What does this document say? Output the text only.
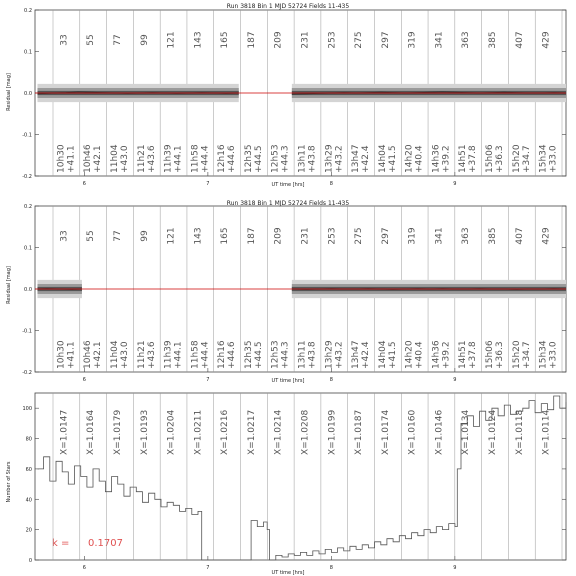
Run 3818 Bin 1 MJD 52724 Fields 11-435
Residual [mag]
UT time [hrs]
0.2
0.1
0.0
-0.1
-0.2
6	7	8	9
33
10h30 +41.1
55
10h46 +42.1
77
11h04 +43.0
99
11h21 +43.6
121
11h39 +44.1
143
11h58 +44.4
165
12h16 +44.6
187
12h35 +44.5
209
12h53 +44.3
231
13h11 +43.8
253
13h29 +43.2
275
13h47 +42.4
297
14h04 +41.5
319
14h20 +40.4
341
14h36 +39.2
363
14h51 +37.8
385
15h06 +36.3
407
15h20 +34.7
429
15h34 +33.0
Run 3818 Bin 1 MJD 52724 Fields 11-435
Residual [mag]
UT time [hrs]
0.2
0.1
0.0
-0.1
-0.2
6	7	8	9
33
10h30 +41.1
55
10h46 +42.1
77
11h04 +43.0
99
11h21 +43.6
121
11h39 +44.1
143
11h58 +44.4
165
12h16 +44.6
187
12h35 +44.5
209
12h53 +44.3
231
13h11 +43.8
253
13h29 +43.2
275
13h47 +42.4
297
14h04 +41.5
319
14h20 +40.4
341
14h36 +39.2
363
14h51 +37.8
385
15h06 +36.3
407
15h20 +34.7
429
15h34 +33.0
Number of Stars
UT time [hrs]
k = 0.1707
0
20
40
60
80
100
6	7	8	9
X=1.0147 X=1.0164 X=1.0179 X=1.0193 X=1.0204 X=1.0211 X=1.0216 X=1.0217 X=1.0214 X=1.0208 X=1.0199 X=1.0187 X=1.0174 X=1.0160 X=1.0146 X=1.0134 X=1.0124 X=1.0118 X=1.0114
